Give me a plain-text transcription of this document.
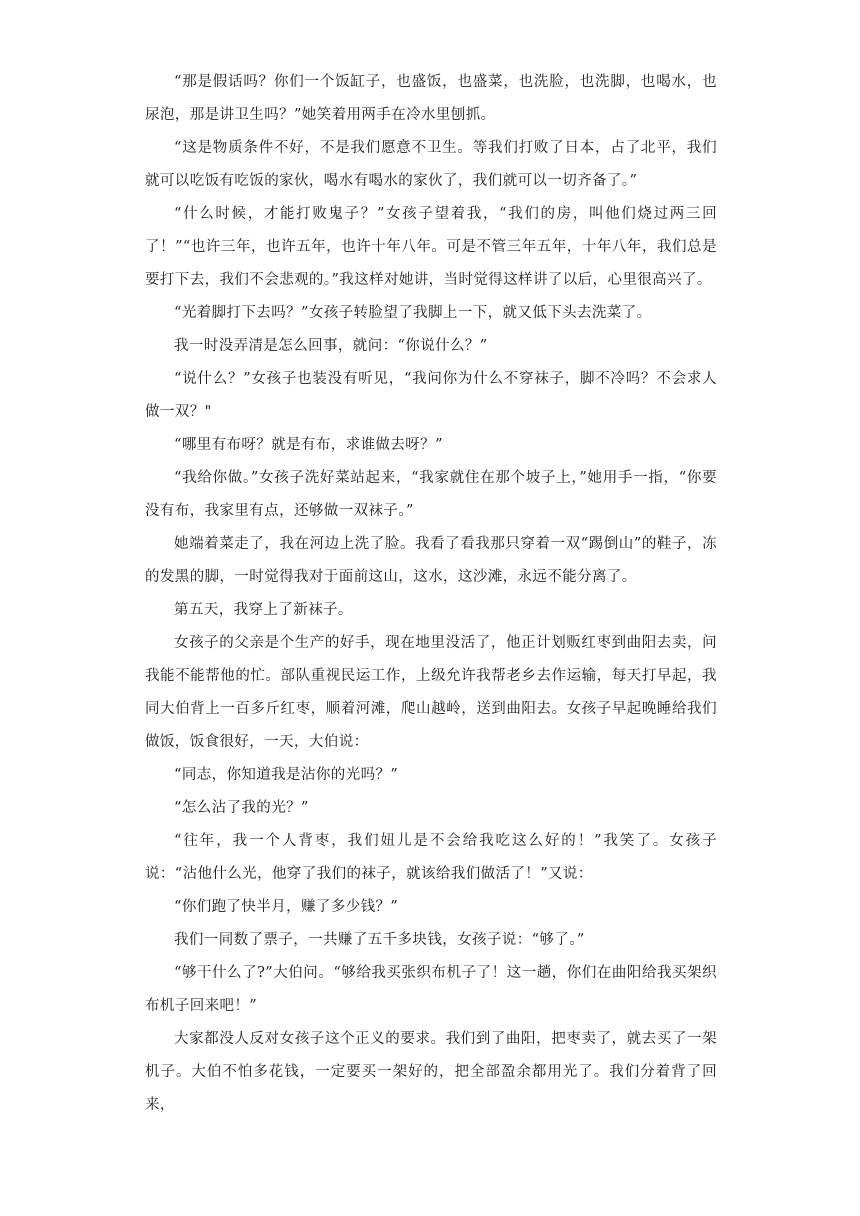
“那是假话吗？你们一个饭缸子，也盛饭，也盛菜，也洗脸，也洗脚，也喝水，也尿泡，那是讲卫生吗？”她笑着用两手在冷水里刨抓。

“这是物质条件不好，不是我们愿意不卫生。等我们打败了日本，占了北平，我们就可以吃饭有吃饭的家伙，喝水有喝水的家伙了，我们就可以一切齐备了。”

“什么时候，才能打败鬼子？”女孩子望着我，“我们的房，叫他们烧过两三回了！”“也许三年，也许五年，也许十年八年。可是不管三年五年，十年八年，我们总是要打下去，我们不会悲观的。”我这样对她讲，当时觉得这样讲了以后，心里很高兴了。

“光着脚打下去吗？”女孩子转脸望了我脚上一下，就又低下头去洗菜了。

我一时没弄清是怎么回事，就问：“你说什么？”

“说什么？”女孩子也装没有听见，“我问你为什么不穿袜子，脚不冷吗？不会求人做一双？"

“哪里有布呀？就是有布，求谁做去呀？”

“我给你做。”女孩子洗好菜站起来，“我家就住在那个坡子上，”她用手一指，“你要没有布，我家里有点，还够做一双袜子。”

她端着菜走了，我在河边上洗了脸。我看了看我那只穿着一双“踢倒山”的鞋子，冻的发黑的脚，一时觉得我对于面前这山，这水，这沙滩，永远不能分离了。

第五天，我穿上了新袜子。

女孩子的父亲是个生产的好手，现在地里没活了，他正计划贩红枣到曲阳去卖，问我能不能帮他的忙。部队重视民运工作，上级允许我帮老乡去作运输，每天打早起，我同大伯背上一百多斤红枣，顺着河滩，爬山越岭，送到曲阳去。女孩子早起晚睡给我们做饭，饭食很好，一天，大伯说：

“同志，你知道我是沾你的光吗？”

“怎么沾了我的光？”

“往年，我一个人背枣，我们妞儿是不会给我吃这么好的！”我笑了。女孩子说：“沾他什么光，他穿了我们的袜子，就该给我们做活了！”又说：

“你们跑了快半月，赚了多少钱？”

我们一同数了票子，一共赚了五千多块钱，女孩子说：“够了。”

“够干什么了?”大伯问。“够给我买张织布机子了！这一趟，你们在曲阳给我买架织布机子回来吧！”

大家都没人反对女孩子这个正义的要求。我们到了曲阳，把枣卖了，就去买了一架机子。大伯不怕多花钱，一定要买一架好的，把全部盈余都用光了。我们分着背了回来，
